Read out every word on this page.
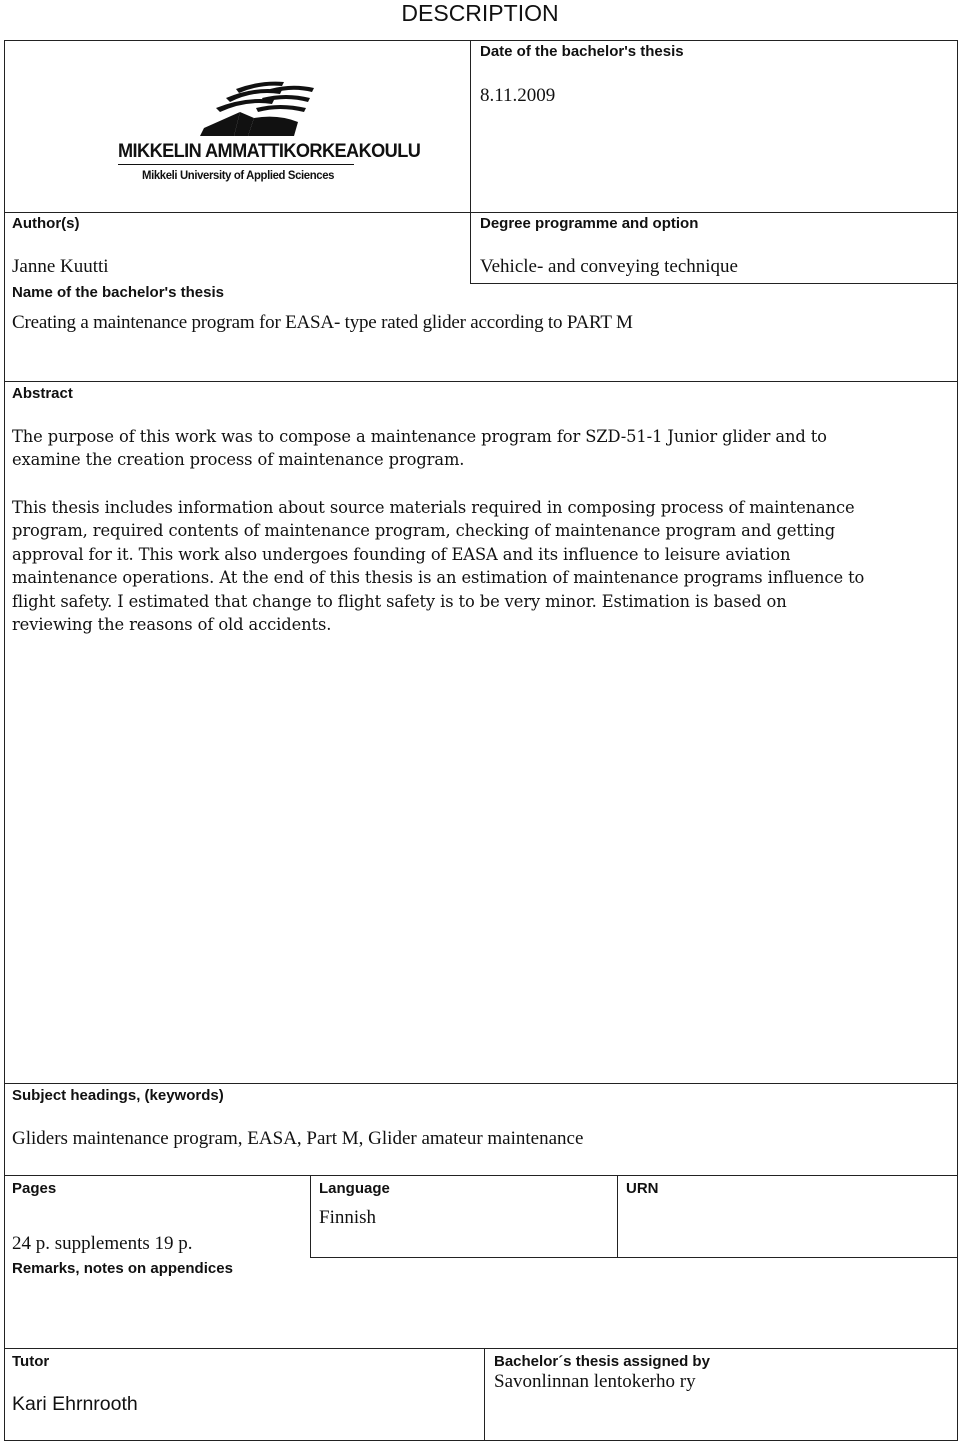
DESCRIPTION
MIKKELIN AMMATTIKORKEAKOULU
Mikkeli University of Applied Sciences
Date of the bachelor's thesis
8.11.2009
Author(s)
Janne Kuutti
Degree programme and option
Vehicle- and conveying technique
Name of the bachelor's thesis
Creating a maintenance program for EASA- type rated glider according to PART M
Abstract
The purpose of this work was to compose a maintenance program for SZD-51-1 Junior glider and to
examine the creation process of maintenance program.
This thesis includes information about source materials required in composing process of maintenance
program, required contents of maintenance program, checking of maintenance program and getting
approval for it. This work also undergoes founding of EASA and its influence to leisure aviation
maintenance operations. At the end of this thesis is an estimation of maintenance programs influence to
flight safety. I estimated that change to flight safety is to be very minor. Estimation is based on
reviewing the reasons of old accidents.
Subject headings, (keywords)
Gliders maintenance program, EASA, Part M, Glider amateur maintenance
Pages
24 p. supplements 19 p.
Language
Finnish
URN
Remarks, notes on appendices
Tutor
Kari Ehrnrooth
Bachelor´s thesis assigned by
Savonlinnan lentokerho ry
